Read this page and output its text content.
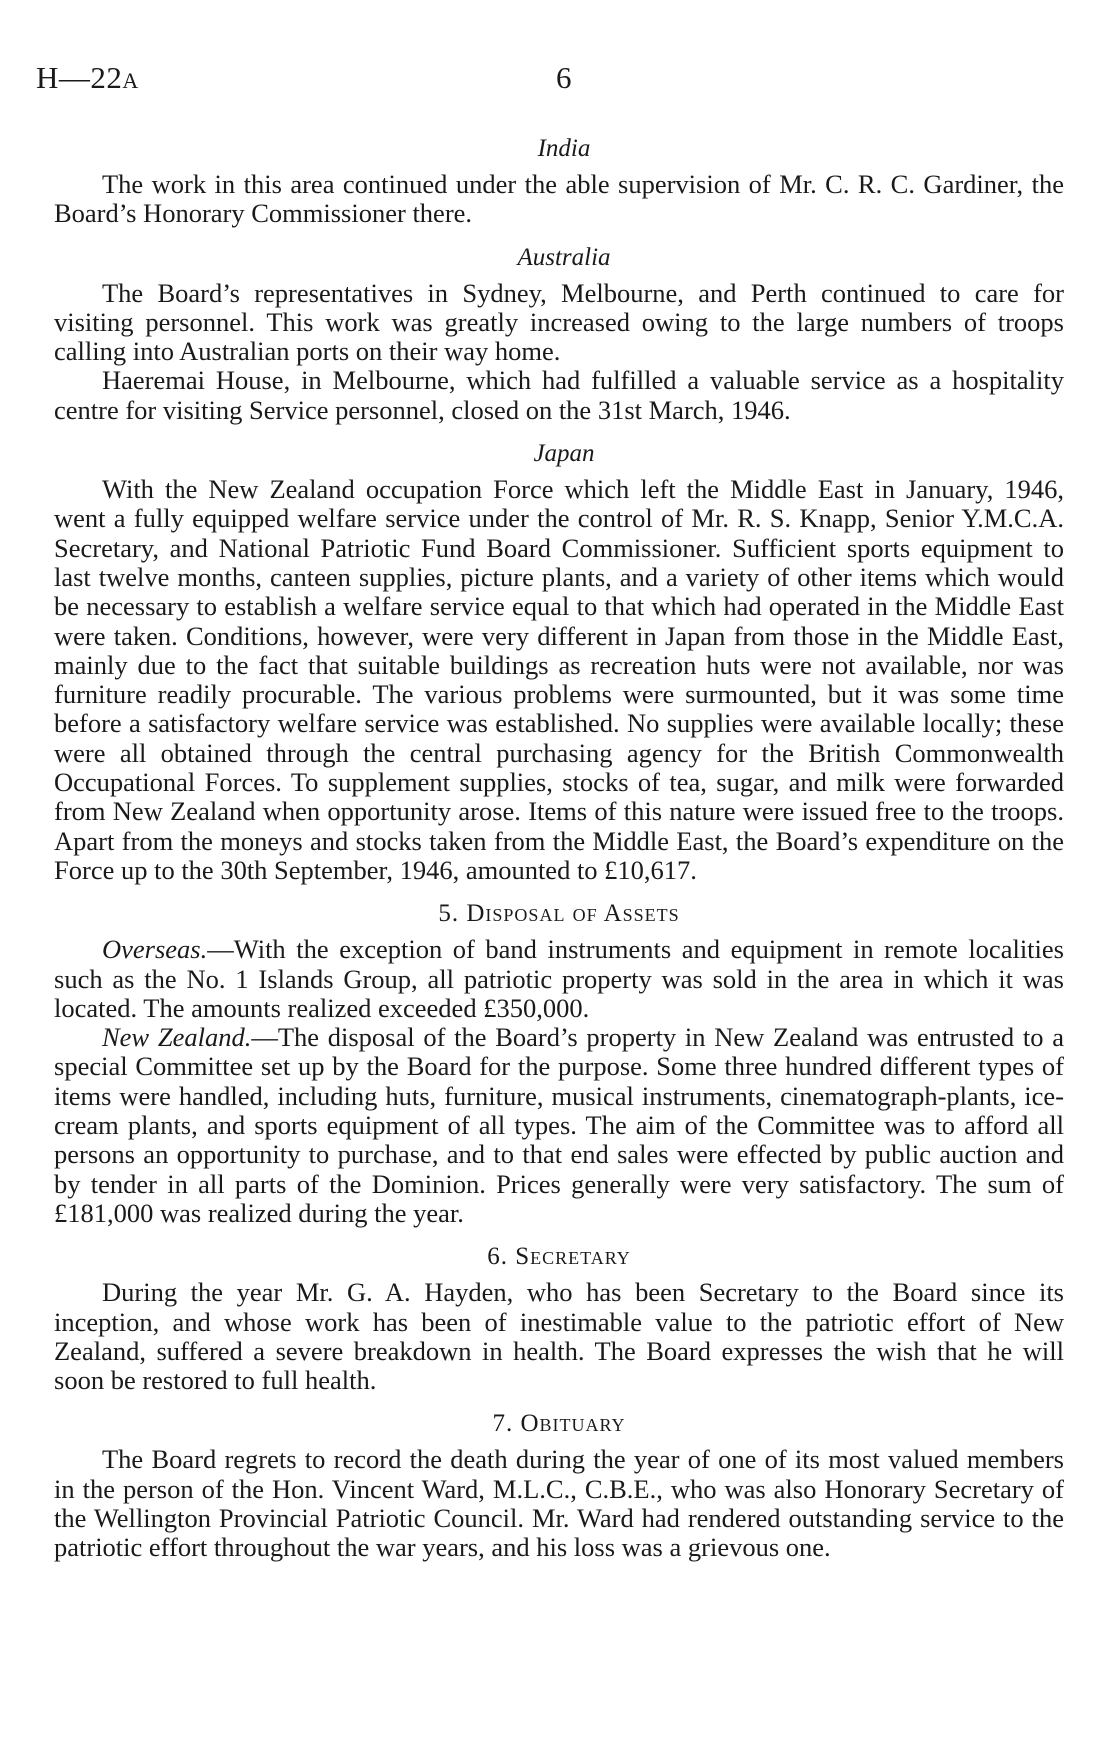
H—22A	6
India

The work in this area continued under the able supervision of Mr. C. R. C. Gardiner, the Board’s Honorary Commissioner there.

Australia

The Board’s representatives in Sydney, Melbourne, and Perth continued to care for visiting personnel. This work was greatly increased owing to the large numbers of troops calling into Australian ports on their way home.

Haeremai House, in Melbourne, which had fulfilled a valuable service as a hospitality centre for visiting Service personnel, closed on the 31st March, 1946.

Japan

With the New Zealand occupation Force which left the Middle East in January, 1946, went a fully equipped welfare service under the control of Mr. R. S. Knapp, Senior Y.M.C.A. Secretary, and National Patriotic Fund Board Commissioner. Sufficient sports equipment to last twelve months, canteen supplies, picture plants, and a variety of other items which would be necessary to establish a welfare service equal to that which had operated in the Middle East were taken. Conditions, however, were very different in Japan from those in the Middle East, mainly due to the fact that suitable buildings as recreation huts were not available, nor was furniture readily procurable. The various problems were surmounted, but it was some time before a satisfactory welfare service was established. No supplies were available locally; these were all obtained through the central purchasing agency for the British Commonwealth Occupational Forces. To supplement supplies, stocks of tea, sugar, and milk were forwarded from New Zealand when opportunity arose. Items of this nature were issued free to the troops. Apart from the moneys and stocks taken from the Middle East, the Board’s expenditure on the Force up to the 30th September, 1946, amounted to £10,617.

5. Disposal of Assets

Overseas.—With the exception of band instruments and equipment in remote localities such as the No. 1 Islands Group, all patriotic property was sold in the area in which it was located. The amounts realized exceeded £350,000.

New Zealand.—The disposal of the Board’s property in New Zealand was entrusted to a special Committee set up by the Board for the purpose. Some three hundred different types of items were handled, including huts, furniture, musical instruments, cinematograph-plants, ice-cream plants, and sports equipment of all types. The aim of the Committee was to afford all persons an opportunity to purchase, and to that end sales were effected by public auction and by tender in all parts of the Dominion. Prices generally were very satisfactory. The sum of £181,000 was realized during the year.

6. Secretary

During the year Mr. G. A. Hayden, who has been Secretary to the Board since its inception, and whose work has been of inestimable value to the patriotic effort of New Zealand, suffered a severe breakdown in health. The Board expresses the wish that he will soon be restored to full health.

7. Obituary

The Board regrets to record the death during the year of one of its most valued members in the person of the Hon. Vincent Ward, M.L.C., C.B.E., who was also Honorary Secretary of the Wellington Provincial Patriotic Council. Mr. Ward had rendered outstanding service to the patriotic effort throughout the war years, and his loss was a grievous one.
